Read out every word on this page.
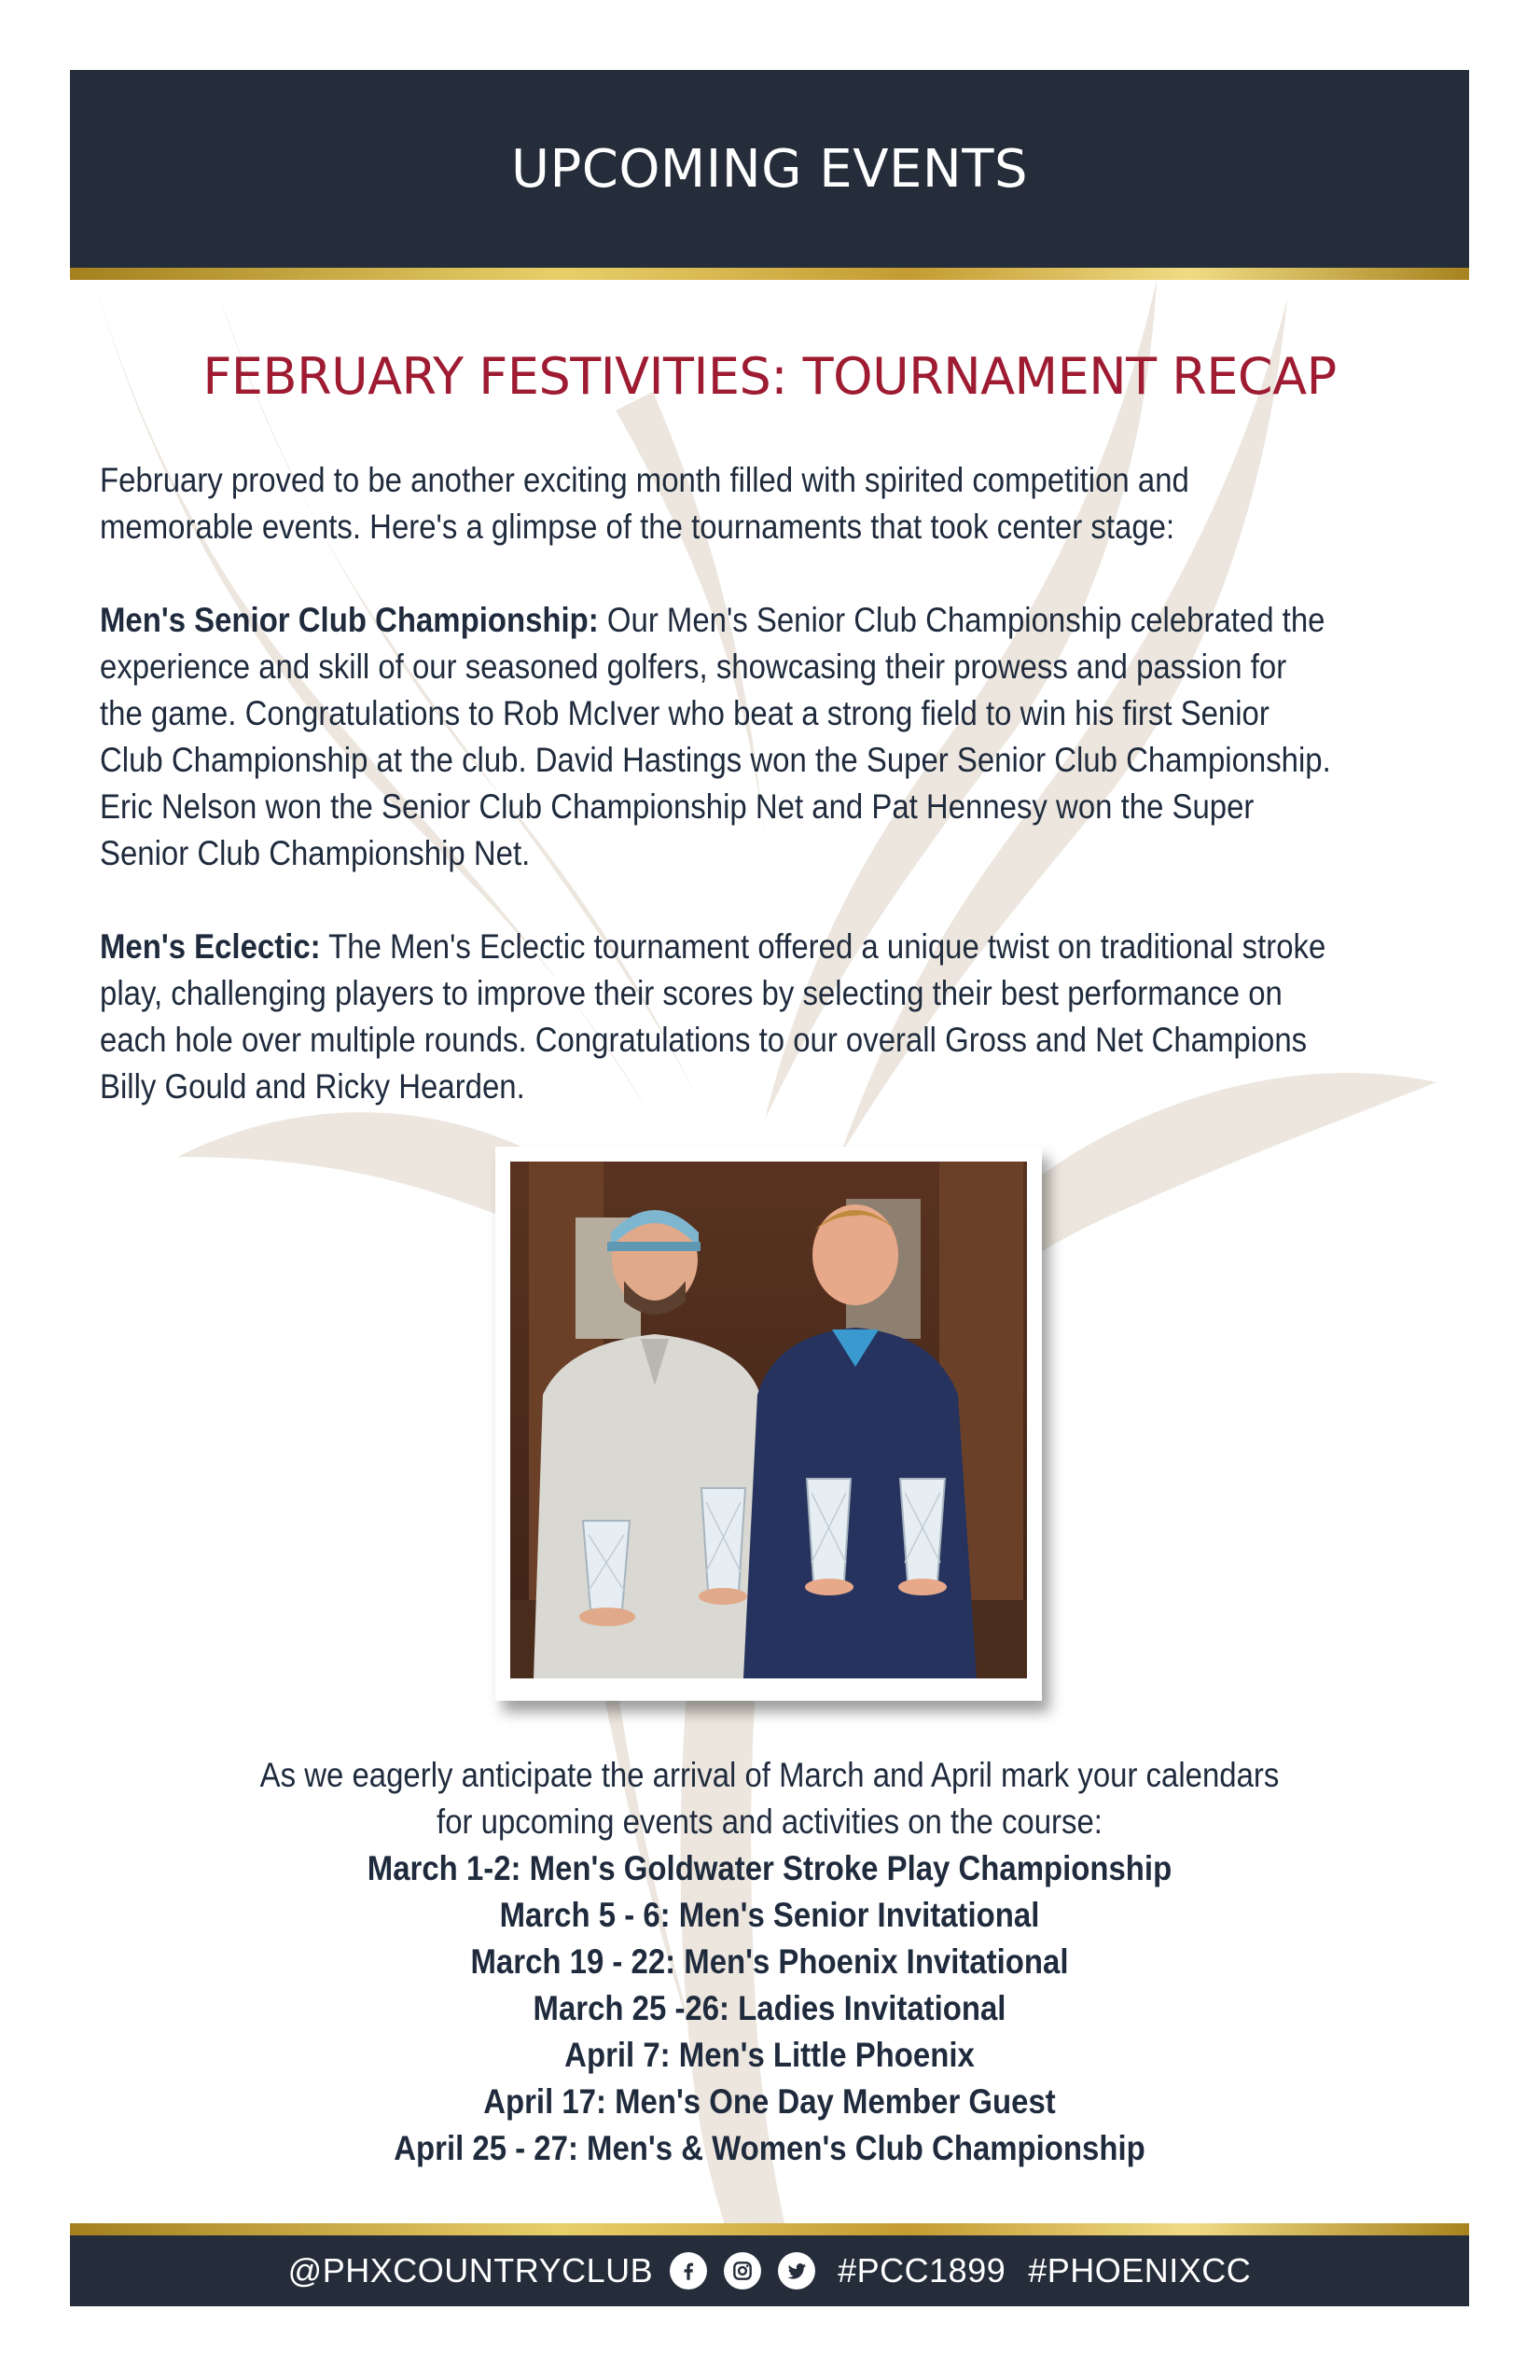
UPCOMING EVENTS
FEBRUARY FESTIVITIES: TOURNAMENT RECAP

February proved to be another exciting month filled with spirited competition and memorable events. Here's a glimpse of the tournaments that took center stage:

Men's Senior Club Championship: Our Men's Senior Club Championship celebrated the experience and skill of our seasoned golfers, showcasing their prowess and passion for the game. Congratulations to Rob McIver who beat a strong field to win his first Senior Club Championship at the club. David Hastings won the Super Senior Club Championship. Eric Nelson won the Senior Club Championship Net and Pat Hennesy won the Super Senior Club Championship Net.

Men's Eclectic: The Men's Eclectic tournament offered a unique twist on traditional stroke play, challenging players to improve their scores by selecting their best performance on each hole over multiple rounds. Congratulations to our overall Gross and Net Champions Billy Gould and Ricky Hearden.

As we eagerly anticipate the arrival of March and April mark your calendars
for upcoming events and activities on the course:
March 1-2: Men's Goldwater Stroke Play Championship
March 5 - 6: Men's Senior Invitational
March 19 - 22: Men's Phoenix Invitational
March 25 -26: Ladies Invitational
April 7: Men's Little Phoenix
April 17: Men's One Day Member Guest
April 25 - 27: Men's & Women's Club Championship
@PHXCOUNTRYCLUB	#PCC1899 #PHOENIXCC
